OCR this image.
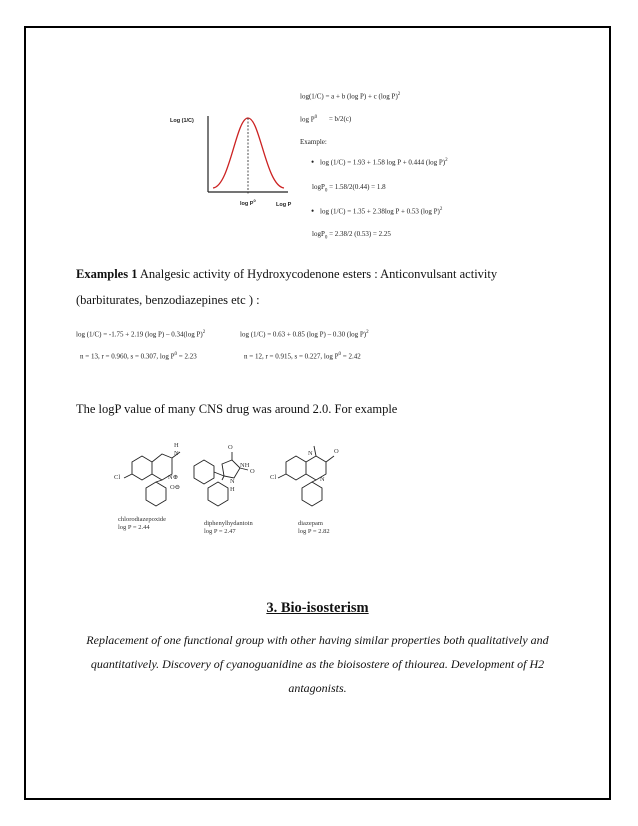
Log (1/C)
$\log P^0$
Log P
log(1/C) = a + b (log P) + c (log P)$^2$
$\log P^0 = b/2(c)$
Example:
• log (1/C) = 1.93 + 1.58 log P + 0.444 (log P)$^2$
logP$_0$ = 1.58/2(0.44) = 1.8
• log (1/C) = 1.35 + 2.38log P + 0.53 (log P)$^2$
logP$_0$ = 2.38/2 (0.53) = 2.25
Examples 1 Analgesic activity of Hydroxycodenone esters : Anticonvulsant activity
(barbiturates, benzodiazepines etc ) :
log (1/C) = -1.75 + 2.19 (log P) – 0.34(log P)$^2$
n = 13, r = 0.960, s = 0.307, $\log P^0 = 2.23$
log (1/C) = 0.63 + 0.85 (log P) – 0.30 (log P)$^2$
n = 12, r = 0.915, s = 0.227, $\log P^0 = 2.42$
The logP value of many CNS drug was around 2.0. For example
Cl
H
N
N⊕
O⊖
O
NH
N
H
O
Cl
N	O
N
chlorodiazepoxide
log P = 2.44
diphenylhydantoin
log P = 2.47
diazepam
log P = 2.82
3. Bio-isosterism
Replacement of one functional group with other having similar properties both qualitatively and
quantitatively. Discovery of cyanoguanidine as the bioisostere of thiourea. Development of H2
antagonists.
